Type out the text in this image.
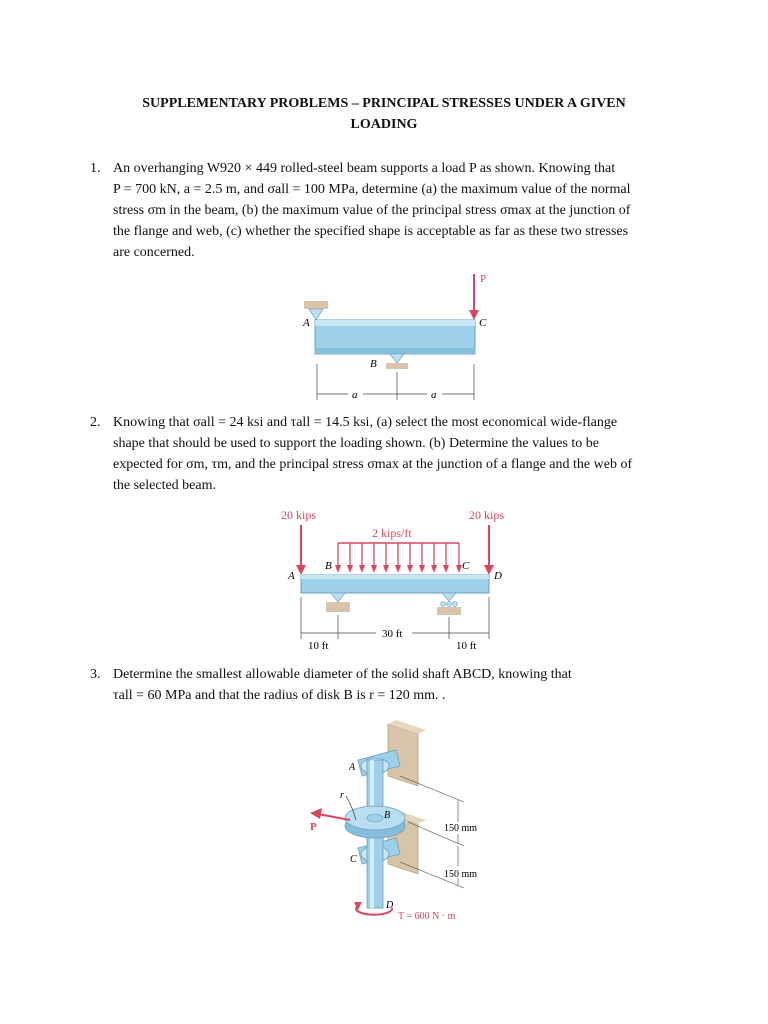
SUPPLEMENTARY PROBLEMS – PRINCIPAL STRESSES UNDER A GIVEN
LOADING
1. An overhanging W920 × 449 rolled-steel beam supports a load P as shown. Knowing that
P = 700 kN, a = 2.5 m, and σall = 100 MPa, determine (a) the maximum value of the normal
stress σm in the beam, (b) the maximum value of the principal stress σmax at the junction of
the flange and web, (c) whether the specified shape is acceptable as far as these two stresses
are concerned.
P
A	C
B
a	a
2. Knowing that σall = 24 ksi and τall = 14.5 ksi, (a) select the most economical wide-flange
shape that should be used to support the loading shown. (b) Determine the values to be
expected for σm, τm, and the principal stress σmax at the junction of a flange and the web of
the selected beam.
20 kips	20 kips
2 kips/ft
A
B	C
D
30 ft
10 ft	10 ft
3. Determine the smallest allowable diameter of the solid shaft ABCD, knowing that
τall = 60 MPa and that the radius of disk B is r = 120 mm. .
r
P
A
B
C
D
150 mm
150 mm
T = 600 N · m
